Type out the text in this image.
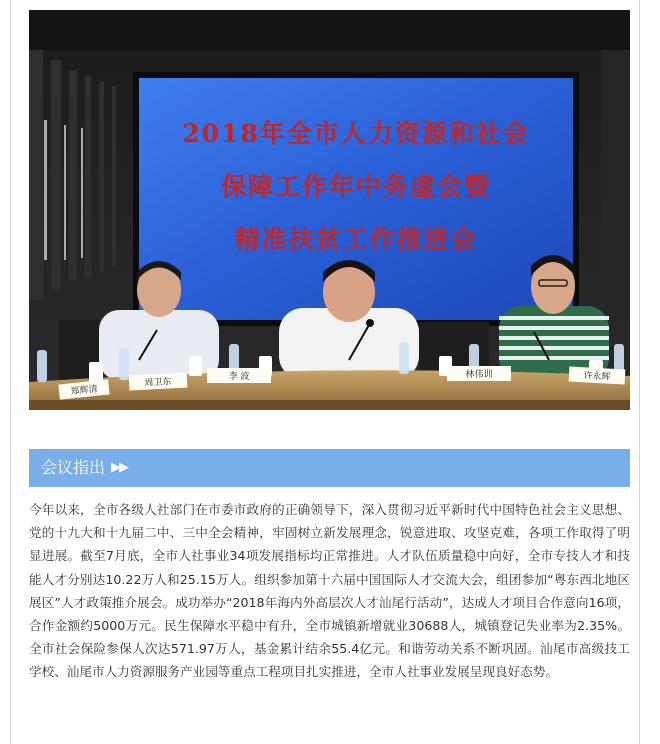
2018年全市人力资源和社会
保障工作年中务虚会暨
精准扶贫工作推进会
郑辉清
周卫东
李 波	林伟训	许永辉
会议指出 ▶▶

今年以来，全市各级人社部门在市委市政府的正确领导下，深入贯彻习近平新时代中国特色社会主义思想、党的十九大和十九届二中、三中全会精神，牢固树立新发展理念，锐意进取、攻坚克难，各项工作取得了明显进展。截至7月底，全市人社事业34项发展指标均正常推进。人才队伍质量稳中向好，全市专技人才和技能人才分别达10.22万人和25.15万人。组织参加第十六届中国国际人才交流大会，组团参加“粤东西北地区展区”人才政策推介展会。成功举办“2018年海内外高层次人才汕尾行活动”，达成人才项目合作意向16项，合作金额约5000万元。民生保障水平稳中有升，全市城镇新增就业30688人，城镇登记失业率为2.35%。全市社会保险参保人次达571.97万人，基金累计结余55.4亿元。和谐劳动关系不断巩固。汕尾市高级技工学校、汕尾市人力资源服务产业园等重点工程项目扎实推进，全市人社事业发展呈现良好态势。
